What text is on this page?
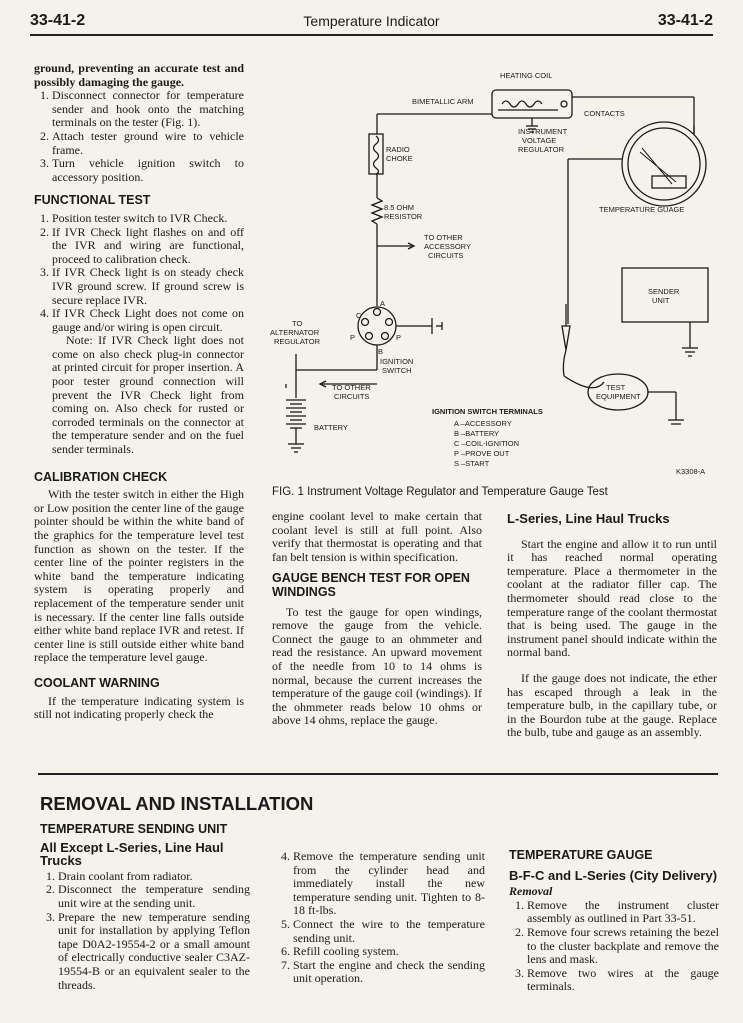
33-41-2	Temperature Indicator	33-41-2

ground, preventing an accurate test and possibly damaging the gauge.

1. Disconnect connector for temperature sender and hook onto the matching terminals on the tester (Fig. 1).
2. Attach tester ground wire to vehicle frame.
3. Turn vehicle ignition switch to accessory position.
FUNCTIONAL TEST
1. Position tester switch to IVR Check.
2. If IVR Check light flashes on and off the IVR and wiring are functional, proceed to calibration check.
3. If IVR Check light is on steady check IVR ground screw. If ground screw is secure replace IVR.
4. If IVR Check Light does not come on gauge and/or wiring is open circuit.

Note: If IVR Check light does not come on also check plug-in connector at printed circuit for proper insertion. A poor tester ground connection will prevent the IVR Check light from coming on. Also check for rusted or corroded terminals on the connector at the temperature sender and on the fuel sender terminals.

CALIBRATION CHECK

With the tester switch in either the High or Low position the center line of the gauge pointer should be within the white band of the graphics for the temperature level test function as shown on the tester. If the center line of the pointer registers in the white band the temperature indicating system is operating properly and replacement of the temperature sender unit is necessary. If the center line falls outside either white band replace IVR and retest. If center line is still outside either white band replace the temperature level gauge.

COOLANT WARNING

If the temperature indicating system is still not indicating properly check the

HEATING COIL
BIMETALLIC ARM
CONTACTS
INSTRUMENT
VOLTAGE
REGULATOR
RADIO
CHOKE
TEMPERATURE GUAGE
8.5 OHM
RESISTOR
TO OTHER
ACCESSORY
CIRCUITS
SENDER
UNIT
TO
ALTERNATOR
REGULATOR
A
C
P	P
B
IGNITION
SWITCH
TO OTHER
CIRCUITS
TEST
EQUIPMENT
BATTERY
IGNITION SWITCH TERMINALS
A –ACCESSORY
B –BATTERY
C –COIL-IGNITION
P –PROVE OUT
S –START
K3308-A
FIG. 1 Instrument Voltage Regulator and Temperature Gauge Test

engine coolant level to make certain that coolant level is still at full point. Also verify that thermostat is operating and that fan belt tension is within specification.

GAUGE BENCH TEST FOR OPEN WINDINGS

To test the gauge for open windings, remove the gauge from the vehicle. Connect the gauge to an ohmmeter and read the resistance. An upward movement of the needle from 10 to 14 ohms is normal, because the current increases the temperature of the gauge coil (windings). If the ohmmeter reads below 10 ohms or above 14 ohms, replace the gauge.

L-Series, Line Haul Trucks

Start the engine and allow it to run until it has reached normal operating temperature. Place a thermometer in the coolant at the radiator filler cap. The thermometer should read close to the temperature range of the coolant thermostat that is being used. The gauge in the instrument panel should indicate within the normal band.

If the gauge does not indicate, the ether has escaped through a leak in the temperature bulb, in the capillary tube, or in the Bourdon tube at the gauge. Replace the bulb, tube and gauge as an assembly.

REMOVAL AND INSTALLATION
TEMPERATURE SENDING UNIT
All Except L-Series, Line Haul Trucks
1. Drain coolant from radiator.
2. Disconnect the temperature sending unit wire at the sending unit.
3. Prepare the new temperature sending unit for installation by applying Teflon tape D0A2-19554-2 or a small amount of electrically conductive sealer C3AZ-19554-B or an equivalent sealer to the threads.
4. Remove the temperature sending unit from the cylinder head and immediately install the new temperature sending unit. Tighten to 8-18 ft-lbs.
5. Connect the wire to the temperature sending unit.
6. Refill cooling system.
7. Start the engine and check the sending unit operation.
TEMPERATURE GAUGE
B-F-C and L-Series (City Delivery)
Removal
1. Remove the instrument cluster assembly as outlined in Part 33-51.
2. Remove four screws retaining the bezel to the cluster backplate and remove the lens and mask.
3. Remove two wires at the gauge terminals.
